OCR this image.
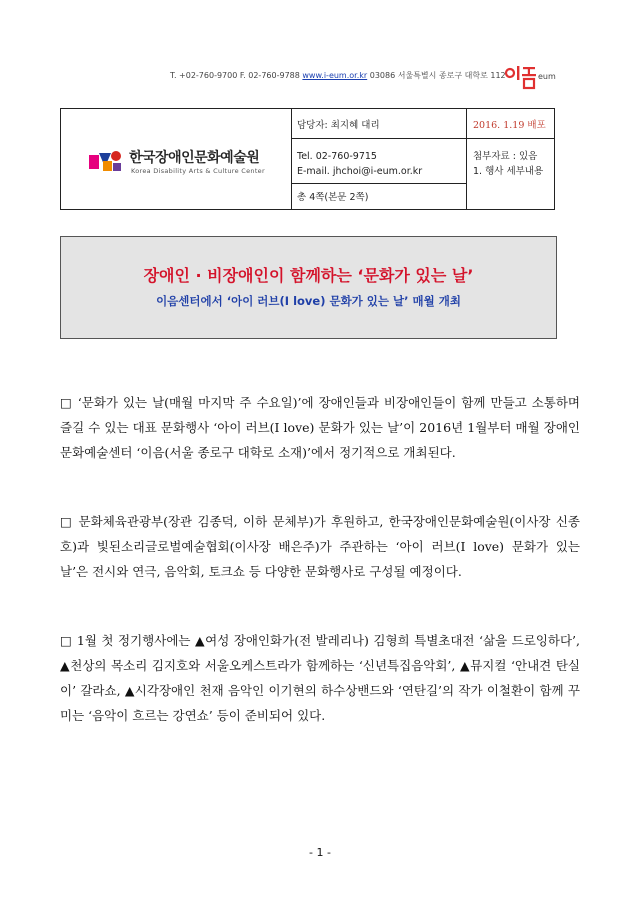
T. +02-760-9700 F. 02-760-9788 www.i-eum.or.kr 03086 서울특별시 종로구 대학로 112	eum
한국장애인문화예술원
Korea Disability Arts & Culture Center
담당자: 최지혜 대리	2016. 1.19 배포
Tel. 02-760-9715
E-mail. jhchoi@i-eum.or.kr
첨부자료 : 있음
1. 행사 세부내용
총 4쪽(본문 2쪽)
장애인 · 비장애인이 함께하는 ‘문화가 있는 날’
이음센터에서 ‘아이 러브(I love) 문화가 있는 날’ 매월 개최
□ ‘문화가 있는 날(매월 마지막 주 수요일)’에 장애인들과 비장애인들이 함께 만들고 소통하며 즐길 수 있는 대표 문화행사 ‘아이 러브(I love) 문화가 있는 날’이 2016년 1월부터 매월 장애인문화예술센터 ‘이음(서울 종로구 대학로 소재)’에서 정기적으로 개최된다.
□ 문화체육관광부(장관 김종덕, 이하 문체부)가 후원하고, 한국장애인문화예술원(이사장 신종호)과 빛된소리글로벌예술협회(이사장 배은주)가 주관하는 ‘아이 러브(I love) 문화가 있는 날’은 전시와 연극, 음악회, 토크쇼 등 다양한 문화행사로 구성될 예정이다.
□ 1월 첫 정기행사에는 ▲여성 장애인화가(전 발레리나) 김형희 특별초대전 ‘삶을 드로잉하다’, ▲천상의 목소리 김지호와 서울오케스트라가 함께하는 ‘신년특집음악회’, ▲뮤지컬 ‘안내견 탄실이’ 갈라쇼, ▲시각장애인 천재 음악인 이기현의 하수상밴드와 ‘연탄길’의 작가 이철환이 함께 꾸미는 ‘음악이 흐르는 강연쇼’ 등이 준비되어 있다.
- 1 -
